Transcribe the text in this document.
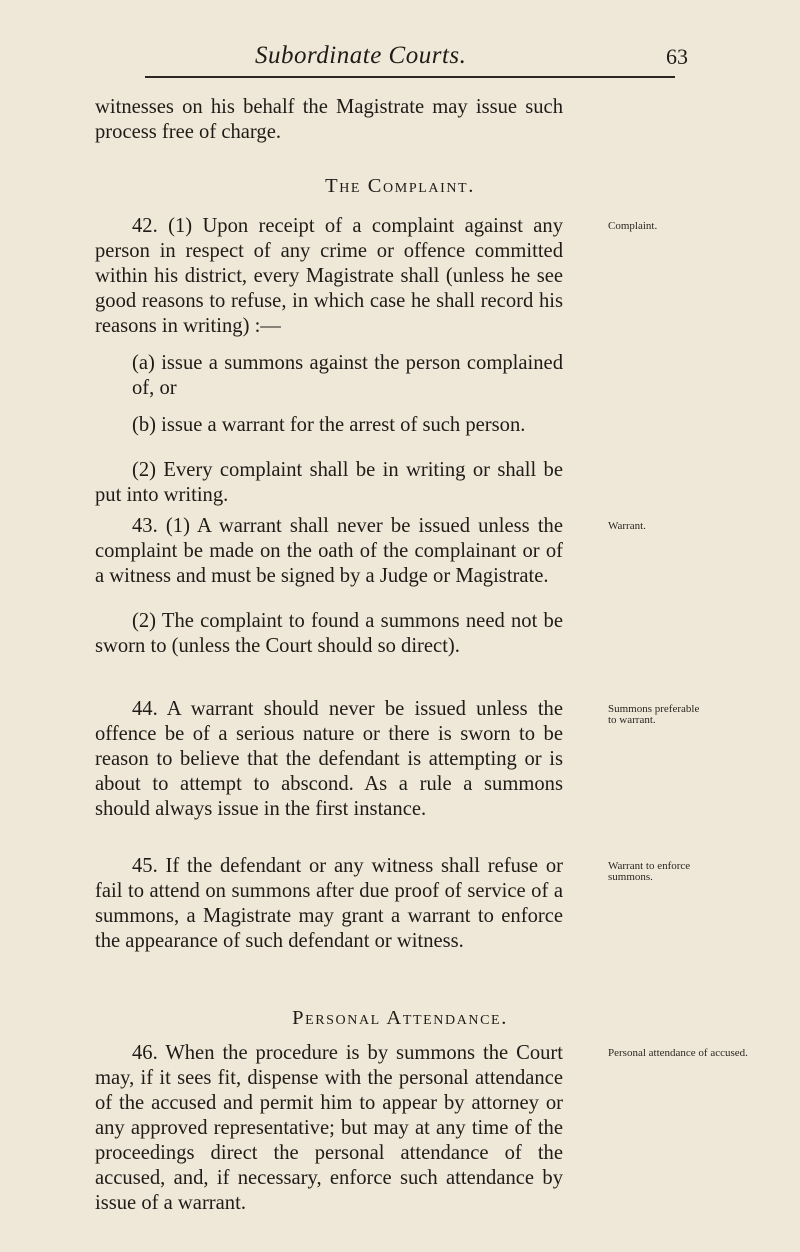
Subordinate Courts.	63

witnesses on his behalf the Magistrate may issue such process free of charge.

The Complaint.

42. (1) Upon receipt of a complaint against any person in respect of any crime or offence committed within his district, every Magistrate shall (unless he see good reasons to refuse, in which case he shall record his reasons in writing) :—

(a) issue a summons against the person complained of, or

(b) issue a warrant for the arrest of such person.

(2) Every complaint shall be in writing or shall be put into writing.

43. (1) A warrant shall never be issued unless the complaint be made on the oath of the complainant or of a witness and must be signed by a Judge or Magistrate.

(2) The complaint to found a summons need not be sworn to (unless the Court should so direct).

44. A warrant should never be issued unless the offence be of a serious nature or there is sworn to be reason to believe that the defendant is attempting or is about to attempt to abscond. As a rule a summons should always issue in the first instance.

45. If the defendant or any witness shall refuse or fail to attend on summons after due proof of service of a summons, a Magistrate may grant a warrant to enforce the appearance of such defendant or witness.

Personal Attendance.

46. When the procedure is by summons the Court may, if it sees fit, dispense with the personal attendance of the accused and permit him to appear by attorney or any approved representative; but may at any time of the proceedings direct the personal attendance of the accused, and, if necessary, enforce such attendance by issue of a warrant.

Complaint.
Warrant.
Summons preferable to warrant.
Warrant to enforce summons.
Personal attendance of accused.
